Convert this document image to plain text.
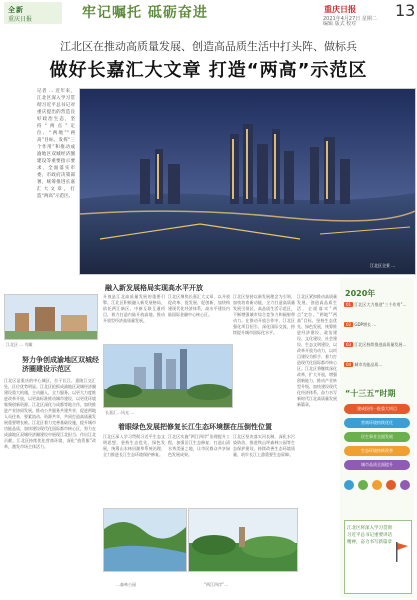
全新
重庆日报	牢记嘱托 砥砺奋进	重庆日报 13
2021年4月27日 星期二
编辑 版式 校对
江北区在推动高质量发展、创造高品质生活中打头阵、做标兵
做好长嘉汇大文章 打造“两高”示范区
记者 … 近年来，江北区深入学习贯彻习近平总书记对重庆提出的营造良好政治生态，坚持“两点”定位、“两地”“两高”目标、发挥“三个作用”和推动成渝地区双城经济圈建设等重要指示要求，全面落实市委、市政府决策部署，统筹推进长嘉汇大文章，打造“两高”示范区。
江北区全景 …
融入新发展格局实现高水平开放
开放是江北高质量发展的重要引擎。江北区积极融入新发展格局，依托两江新区、中新互联互通项目，着力打造内陆开放高地，推动开放型经济高质量发展。
江北区聚焦长嘉汇大文章，以开放促改革、促发展、促创新，加快构建现代化经济体系，高水平建设内陆国际金融中心核心区。
江北区坚持以新发展理念为引领，加快培育新动能，全力打造高质量发展引领区、高品质生活示范区，不断增强城市综合竞争力和辐射带动力。在推动开放合作中，江北区强化项目招引，深化国际交流，持续提升城市国际化水平。
江北区紧扣推动高质量发展、创造高品质生活，全面落实“两点”定位、“两地”“两高”目标，坚持生态优先、绿色发展，统筹推进经济建设、政治建设、文化建设、社会建设、生态文明建设，以改革开放为动力，以项目建设为抓手，着力打造现代化国际都市核心区。江北区将继续深化改革，扩大开放，增强创新能力，推动产业转型升级，加快建设现代化经济体系，奋力书写新时代江北高质量发展新篇章。
长嘉汇…风光 …
江北区 … 鸟瞰
努力争创成渝地区双城经济圈建设示范区
江北区是重庆的中心城区，位于长江、嘉陵江交汇处，区位优势明显。江北区抢抓成渝地区双城经济圈建设重大机遇，主动融入、全力服务，以更大力度推进改革开放，以更高标准推动城市建设，以更优环境集聚创新资源。江北区深化与成都等地合作，加快推进产业协同发展，推动公共服务共建共享，促进两地人员往来、要素流动、资源共享，共同打造高质量发展重要增长极。江北区着力完善基础设施，提升城市功能品质，加快建设现代化国际都市核心区，努力在成渝地区双城经济圈建设中展现江北担当、作出江北贡献。江北区持续优化营商环境，深化“放管服”改革，激发市场主体活力。
着眼绿色发展把修复长江生态环境摆在压倒性位置
江北区深入学习贯彻习近平生态文明思想，坚持生态优先、绿色发展，统筹山水林田湖草系统治理，全力推进长江生态环境保护修复。
江北区实施“两江四岸”治理提升工程，加强沿江生态修复，打造山清水秀美丽之地，让市民群众共享绿色发展成果。
江北区坚决落实河长制，深化水污染防治，推进铁山坪森林公园等生态保护建设，持续改善生态环境质量，筑牢长江上游重要生态屏障。
…森林公园	“两江四岸”…
2020年
01 江北区大力推进“三个作用”…
02 GDP增长 …
03 江北区持续推进高质量发展…
04 城市功能品质…
“十三五”时期
建成投用一批重大项目
营商环境持续优化
民生事业全面发展
生态环境持续改善
城市品质全面提升
江北区将深入学习贯彻习近平总书记重要讲话精神，奋力书写新篇章
